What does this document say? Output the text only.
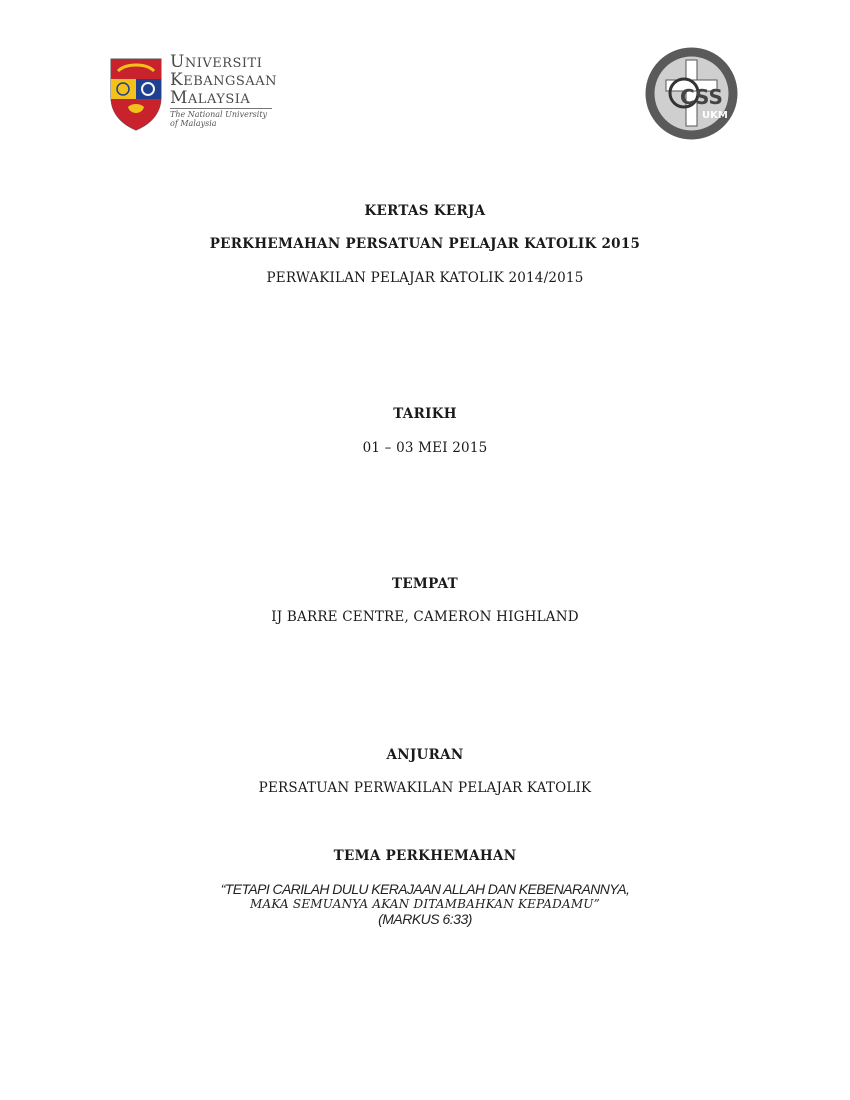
UNIVERSITI
KEBANGSAAN
MALAYSIA
The National University
of Malaysia
CSS
UKM
KERTAS KERJA
PERKHEMAHAN PERSATUAN PELAJAR KATOLIK 2015
PERWAKILAN PELAJAR KATOLIK 2014/2015
TARIKH
01 – 03 MEI 2015
TEMPAT
IJ BARRE CENTRE, CAMERON HIGHLAND
ANJURAN
PERSATUAN PERWAKILAN PELAJAR KATOLIK
TEMA PERKHEMAHAN
“TETAPI CARILAH DULU KERAJAAN ALLAH DAN KEBENARANNYA,
MAKA SEMUANYA AKAN DITAMBAHKAN KEPADAMU”
(MARKUS 6:33)
